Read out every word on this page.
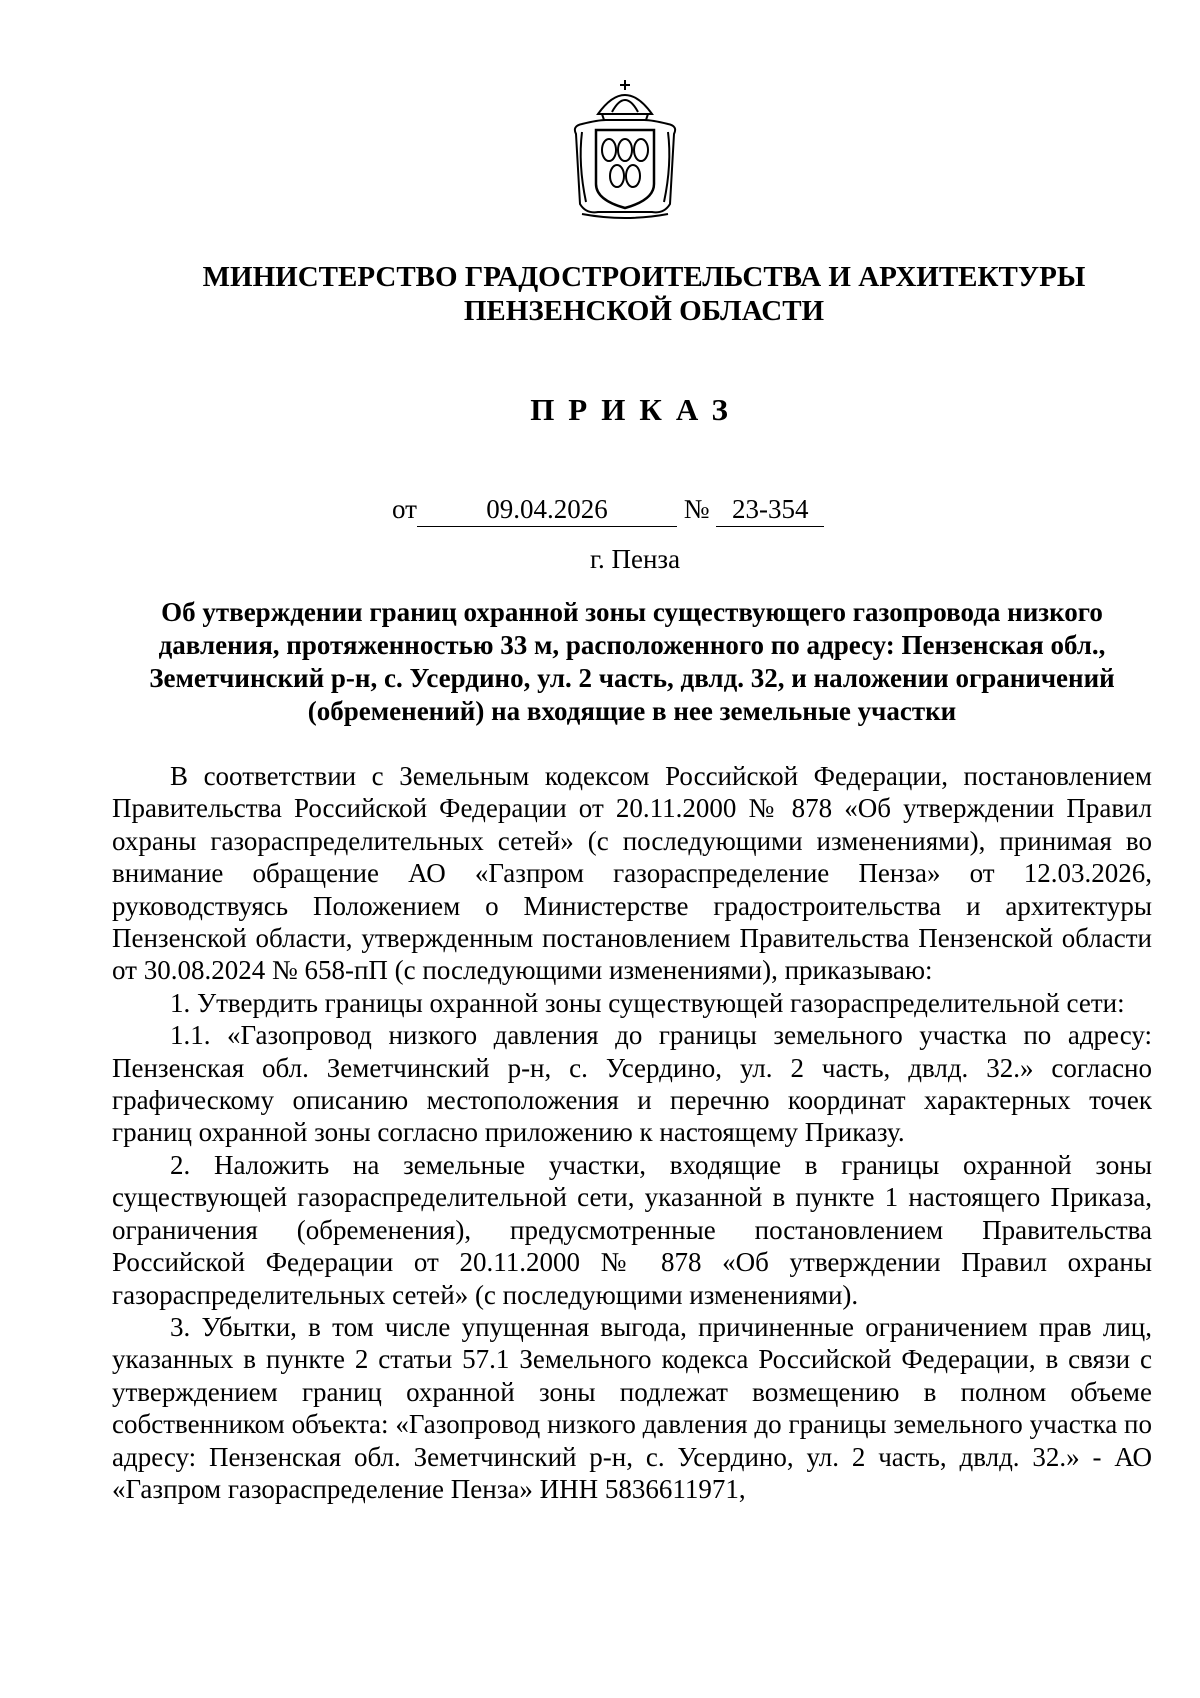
МИНИСТЕРСТВО ГРАДОСТРОИТЕЛЬСТВА И АРХИТЕКТУРЫ
ПЕНЗЕНСКОЙ ОБЛАСТИ
ПРИКАЗ
от	09.04.2026	№ 23-354
г. Пенза
Об утверждении границ охранной зоны существующего газопровода низкого
давления, протяженностью 33 м, расположенного по адресу: Пензенская обл.,
Земетчинский р-н, с. Усердино, ул. 2 часть, двлд. 32, и наложении ограничений
(обременений) на входящие в нее земельные участки

В соответствии с Земельным кодексом Российской Федерации, постановлением Правительства Российской Федерации от 20.11.2000 № 878 «Об утверждении Правил охраны газораспределительных сетей» (с последующими изменениями), принимая во внимание обращение АО «Газпром газораспределение Пенза» от 12.03.2026, руководствуясь Положением о Министерстве градостроительства и архитектуры Пензенской области, утвержденным постановлением Правительства Пензенской области от 30.08.2024 № 658-пП (с последующими изменениями), приказываю:

1. Утвердить границы охранной зоны существующей газораспределительной сети:

1.1. «Газопровод низкого давления до границы земельного участка по адресу: Пензенская обл. Земетчинский р-н, с. Усердино, ул. 2 часть, двлд. 32.» согласно графическому описанию местоположения и перечню координат характерных точек границ охранной зоны согласно приложению к настоящему Приказу.

2. Наложить на земельные участки, входящие в границы охранной зоны существующей газораспределительной сети, указанной в пункте 1 настоящего Приказа, ограничения (обременения), предусмотренные постановлением Правительства Российской Федерации от 20.11.2000 № 878 «Об утверждении Правил охраны газораспределительных сетей» (с последующими изменениями).

3. Убытки, в том числе упущенная выгода, причиненные ограничением прав лиц, указанных в пункте 2 статьи 57.1 Земельного кодекса Российской Федерации, в связи с утверждением границ охранной зоны подлежат возмещению в полном объеме собственником объекта: «Газопровод низкого давления до границы земельного участка по адресу: Пензенская обл. Земетчинский р-н, с. Усердино, ул. 2 часть, двлд. 32.» - АО «Газпром газораспределение Пенза» ИНН 5836611971,
